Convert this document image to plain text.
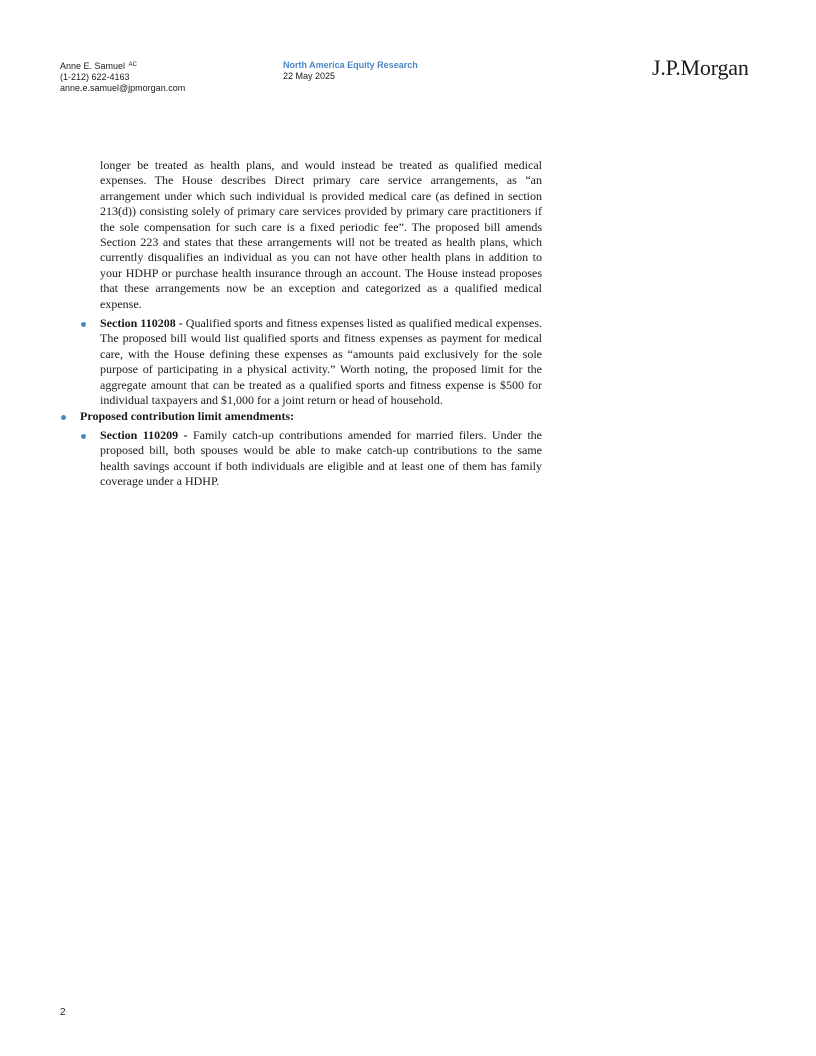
Anne E. Samuel $^{AC}$
(1-212) 622-4163
anne.e.samuel@jpmorgan.com
North America Equity Research
22 May 2025	J.P.Morgan

longer be treated as health plans, and would instead be treated as qualified medical expenses. The House describes Direct primary care service arrangements, as “an arrangement under which such individual is provided medical care (as defined in section 213(d)) consisting solely of primary care services provided by primary care practitioners if the sole compensation for such care is a fixed periodic fee”. The proposed bill amends Section 223 and states that these arrangements will not be treated as health plans, which currently disqualifies an individual as you can not have other health plans in addition to your HDHP or purchase health insurance through an account. The House instead proposes that these arrangements now be an exception and categorized as a qualified medical expense.

Section 110208 - Qualified sports and fitness expenses listed as qualified medical expenses. The proposed bill would list qualified sports and fitness expenses as payment for medical care, with the House defining these expenses as “amounts paid exclusively for the sole purpose of participating in a physical activity.” Worth noting, the proposed limit for the aggregate amount that can be treated as a qualified sports and fitness expense is $500 for individual taxpayers and $1,000 for a joint return or head of household.
Proposed contribution limit amendments:
Section 110209 - Family catch-up contributions amended for married filers. Under the proposed bill, both spouses would be able to make catch-up contributions to the same health savings account if both individuals are eligible and at least one of them has family coverage under a HDHP.
2
